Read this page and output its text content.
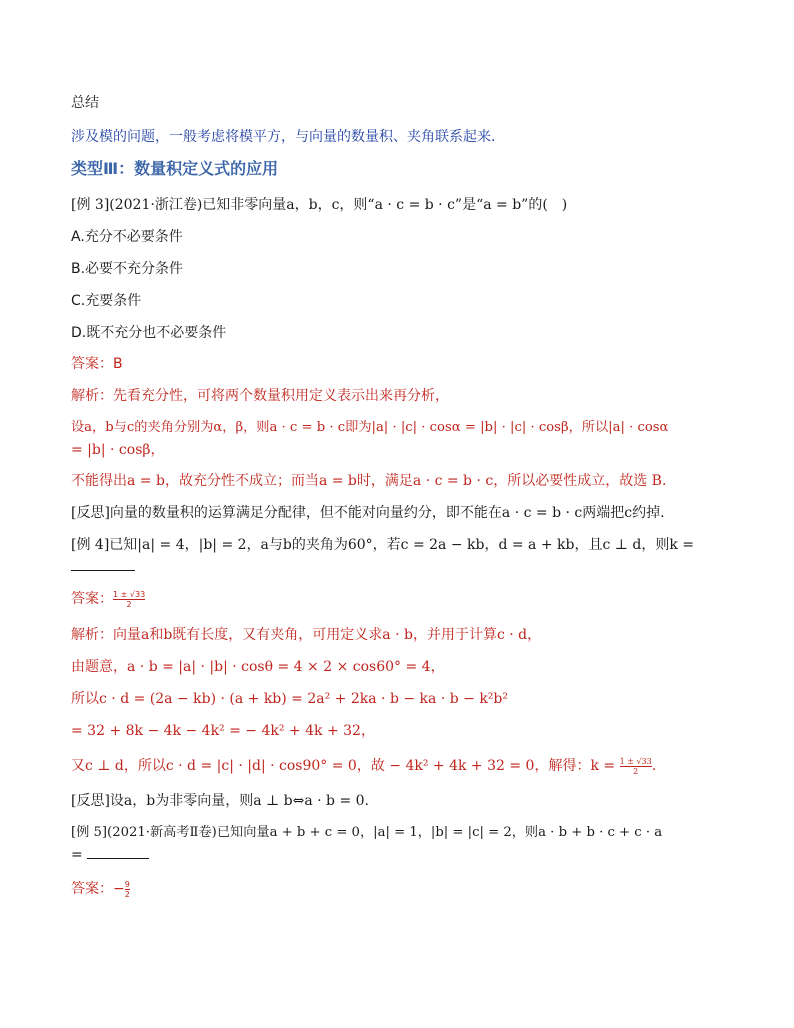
总结
涉及模的问题，一般考虑将模平方，与向量的数量积、夹角联系起来.
类型Ⅲ：数量积定义式的应用
[例 3](2021·浙江卷)已知非零向量a，b，c，则“a · c = b · c”是“a = b”的(　)
A.充分不必要条件
B.必要不充分条件
C.充要条件
D.既不充分也不必要条件
答案：B
解析：先看充分性，可将两个数量积用定义表示出来再分析，
设a，b与c的夹角分别为α，β，则a · c = b · c即为|a| · |c| · cosα = |b| · |c| · cosβ，所以|a| · cosα
= |b| · cosβ，
不能得出a = b，故充分性不成立；而当a = b时，满足a · c = b · c，所以必要性成立，故选 B.
[反思]向量的数量积的运算满足分配律，但不能对向量约分，即不能在a · c = b · c两端把c约掉.
[例 4]已知|a| = 4，|b| = 2，a与b的夹角为60°，若c = 2a − kb，d = a + kb，且c ⊥ d，则k =
答案：$\frac{1 \pm √33}{2}$
解析：向量a和b既有长度，又有夹角，可用定义求a · b，并用于计算c · d，
由题意，a · b = |a| · |b| · cosθ = 4 × 2 × cos60° = 4，
所以c · d = (2a − kb) · (a + kb) = 2a² + 2ka · b − ka · b − k²b²
= 32 + 8k − 4k − 4k² = − 4k² + 4k + 32，
又c ⊥ d，所以c · d = |c| · |d| · cos90° = 0，故 − 4k² + 4k + 32 = 0，解得：$k = \frac{1 \pm √33}{2}$ .
[反思]设a，b为非零向量，则a ⊥ b⇔a · b = 0.
[例 5](2021·新高考Ⅱ卷)已知向量a + b + c = 0，|a| = 1，|b| = |c| = 2，则a · b + b · c + c · a
=
答案：$-\frac{9}{2}$
